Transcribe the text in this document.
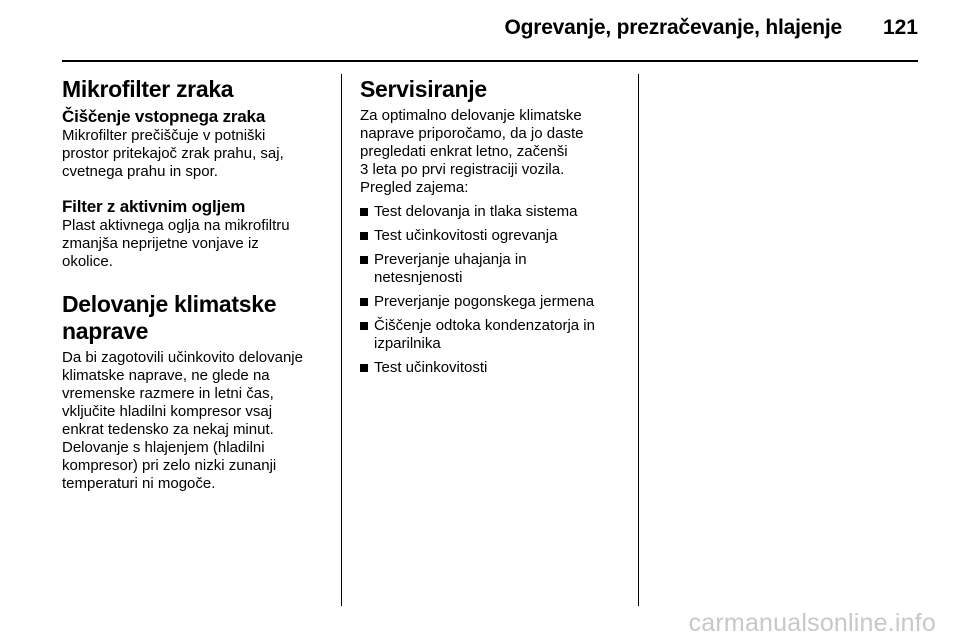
Ogrevanje, prezračevanje, hlajenje 121
Mikrofilter zraka
Čiščenje vstopnega zraka

Mikrofilter prečiščuje v potniški

prostor pritekajoč zrak prahu, saj,

cvetnega prahu in spor.

Filter z aktivnim ogljem

Plast aktivnega oglja na mikrofiltru

zmanjša neprijetne vonjave iz

okolice.

Delovanje klimatske
naprave

Da bi zagotovili učinkovito delovanje

klimatske naprave, ne glede na

vremenske razmere in letni čas,

vključite hladilni kompresor vsaj

enkrat tedensko za nekaj minut.

Delovanje s hlajenjem (hladilni

kompresor) pri zelo nizki zunanji

temperaturi ni mogoče.

Servisiranje

Za optimalno delovanje klimatske

naprave priporočamo, da jo daste

pregledati enkrat letno, začenši

3 leta po prvi registraciji vozila.

Pregled zajema:

Test delovanja in tlaka sistema
Test učinkovitosti ogrevanja
Preverjanje uhajanja in
netesnjenosti
Preverjanje pogonskega jermena
Čiščenje odtoka kondenzatorja in
izparilnika
Test učinkovitosti
carmanualsonline.info
